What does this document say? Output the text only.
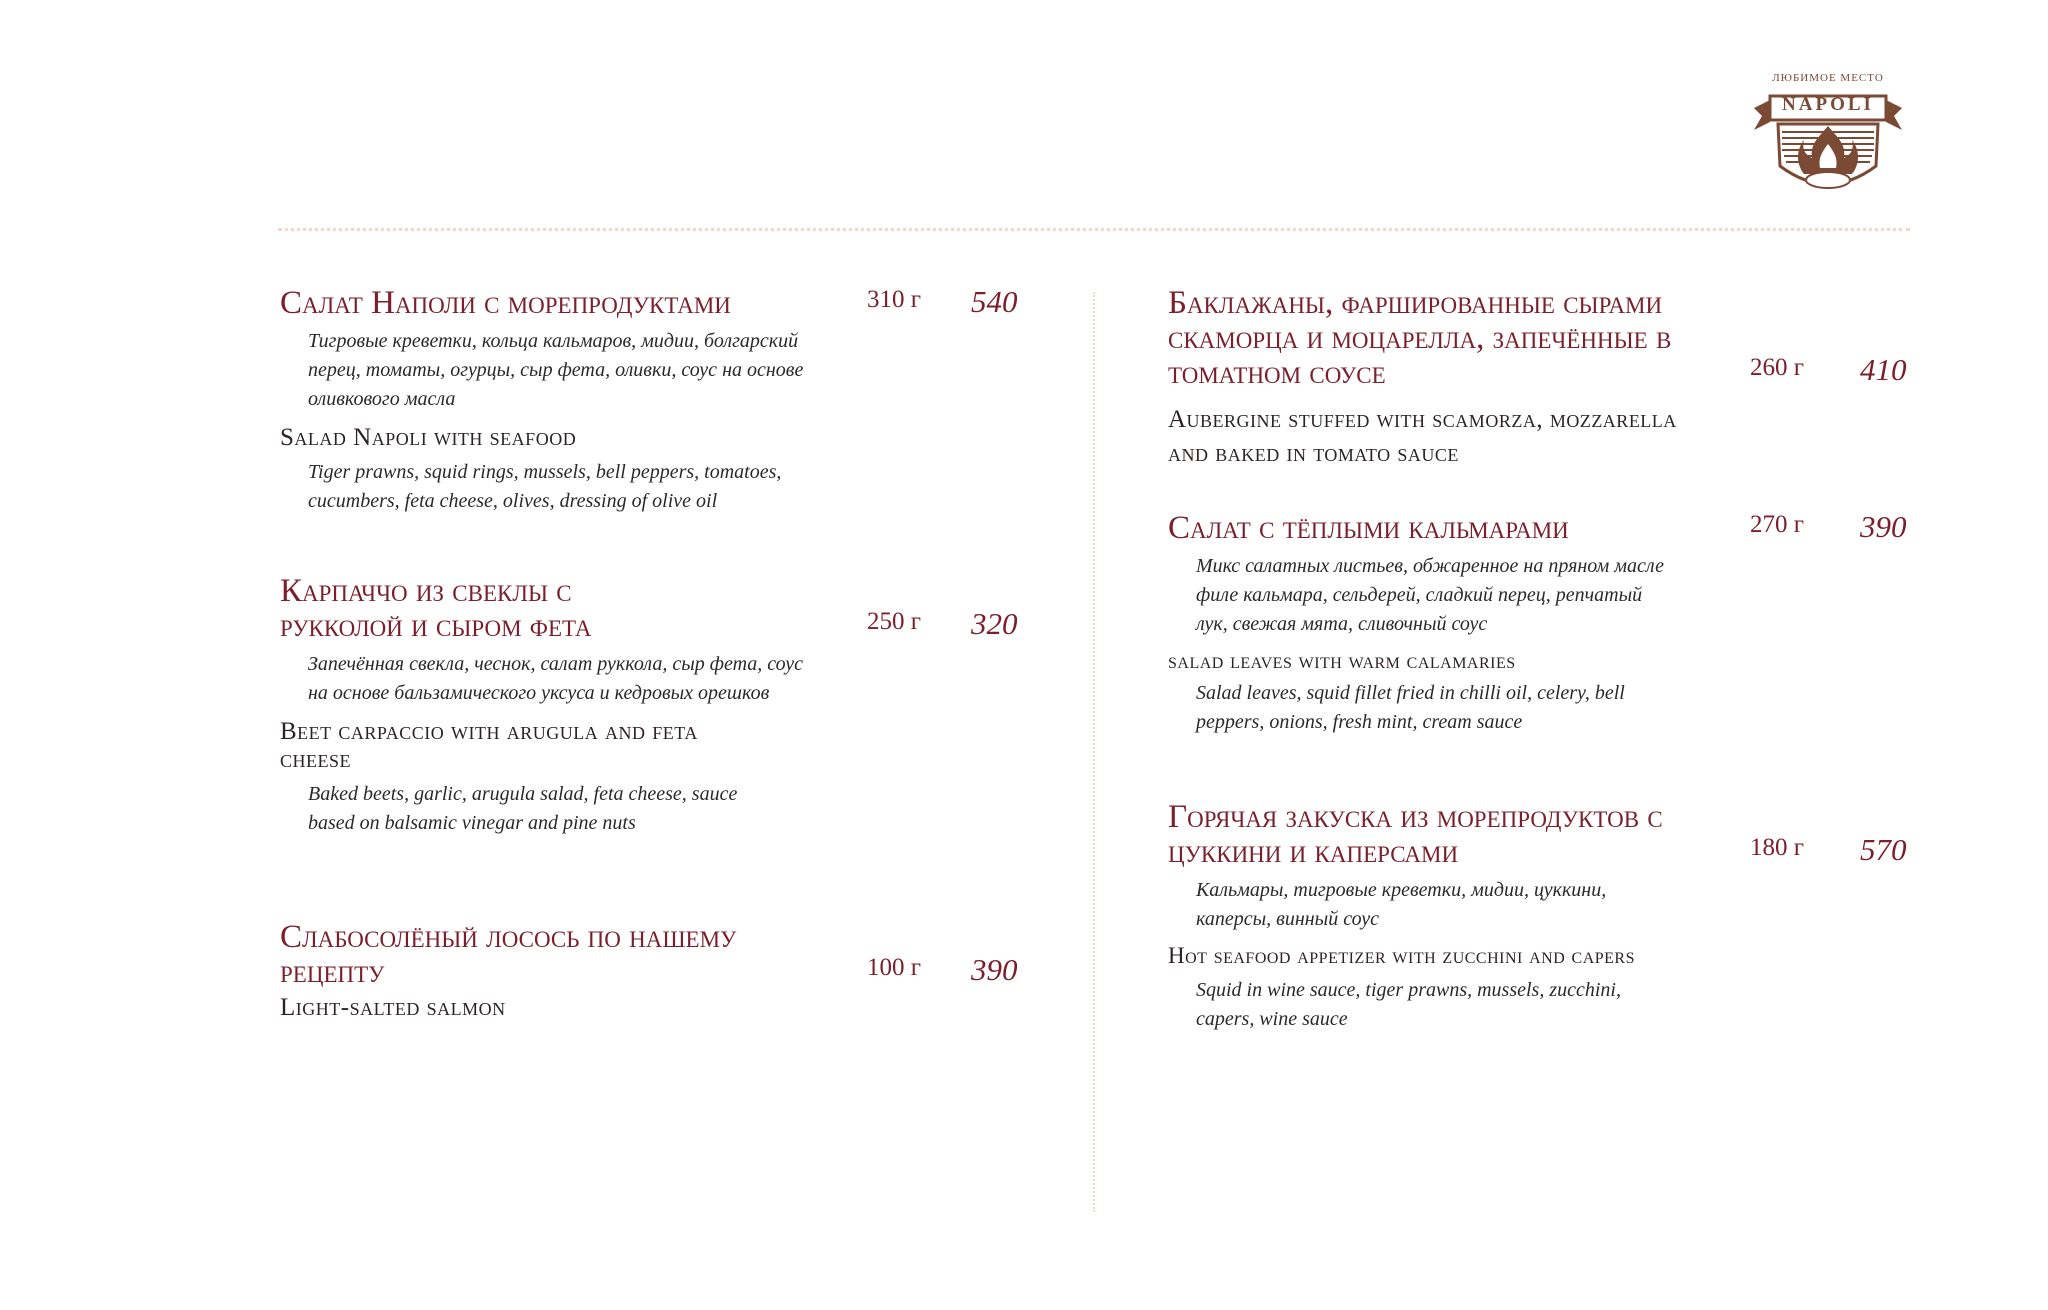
ЛЮБИМОЕ МЕСТО
NAPOLI

Салат Наполи с морепродуктами	310 г 540

Тигровые креветки, кольца кальмаров, мидии, болгарский перец, томаты, огурцы, сыр фета, оливки, соус на основе оливкового масла

Salad Napoli with seafood

Tiger prawns, squid rings, mussels, bell peppers, tomatoes, cucumbers, feta cheese, olives, dressing of olive oil

Карпаччо из свеклы с рукколой и сыром фета	250 г 320

Запечённая свекла, чеснок, салат руккола, сыр фета, соус на основе бальзамического уксуса и кедровых орешков

Beet carpaccio with arugula and feta cheese

Baked beets, garlic, arugula salad, feta cheese, sauce based on balsamic vinegar and pine nuts

Слабосолёный лосось по нашему рецепту	100 г 390

Light-salted salmon

Баклажаны, фаршированные сырами скаморца и моцарелла, запечённые в томатном соусе	260 г 410

Aubergine stuffed with scamorza, mozzarella and baked in tomato sauce

Салат с тёплыми кальмарами	270 г 390

Микс салатных листьев, обжаренное на пряном масле филе кальмара, сельдерей, сладкий перец, репчатый лук, свежая мята, сливочный соус

salad leaves with warm calamaries

Salad leaves, squid fillet fried in chilli oil, celery, bell peppers, onions, fresh mint, cream sauce

Горячая закуска из морепродуктов с цуккини и каперсами	180 г 570

Кальмары, тигровые креветки, мидии, цуккини, каперсы, винный соус

Hot seafood appetizer with zucchini and capers

Squid in wine sauce, tiger prawns, mussels, zucchini, capers, wine sauce
